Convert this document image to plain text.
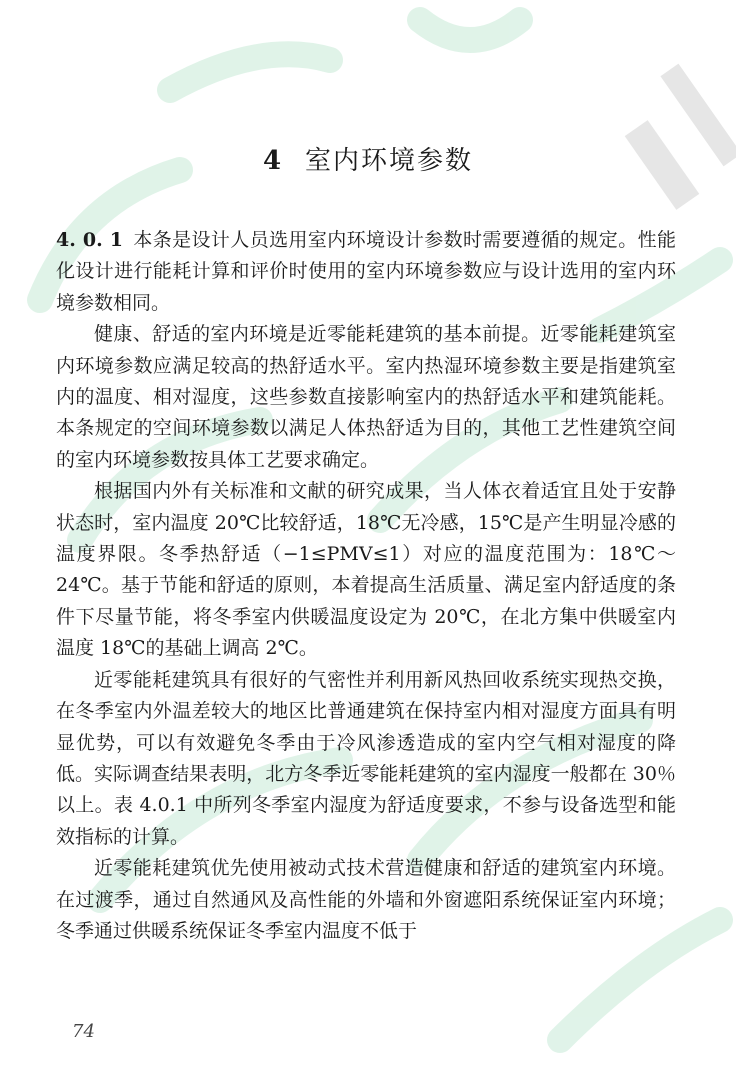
4 室内环境参数

4. 0. 1 本条是设计人员选用室内环境设计参数时需要遵循的规定。性能化设计进行能耗计算和评价时使用的室内环境参数应与设计选用的室内环境参数相同。

健康、舒适的室内环境是近零能耗建筑的基本前提。近零能耗建筑室内环境参数应满足较高的热舒适水平。室内热湿环境参数主要是指建筑室内的温度、相对湿度，这些参数直接影响室内的热舒适水平和建筑能耗。本条规定的空间环境参数以满足人体热舒适为目的，其他工艺性建筑空间的室内环境参数按具体工艺要求确定。

根据国内外有关标准和文献的研究成果，当人体衣着适宜且处于安静状态时，室内温度 20℃比较舒适，18℃无冷感，15℃是产生明显冷感的温度界限。冬季热舒适（−1≤PMV≤1）对应的温度范围为：18℃～24℃。基于节能和舒适的原则，本着提高生活质量、满足室内舒适度的条件下尽量节能，将冬季室内供暖温度设定为 20℃，在北方集中供暖室内温度 18℃的基础上调高 2℃。

近零能耗建筑具有很好的气密性并利用新风热回收系统实现热交换，在冬季室内外温差较大的地区比普通建筑在保持室内相对湿度方面具有明显优势，可以有效避免冬季由于冷风渗透造成的室内空气相对湿度的降低。实际调查结果表明，北方冬季近零能耗建筑的室内湿度一般都在 30％以上。表 4.0.1 中所列冬季室内湿度为舒适度要求，不参与设备选型和能效指标的计算。

近零能耗建筑优先使用被动式技术营造健康和舒适的建筑室内环境。在过渡季，通过自然通风及高性能的外墙和外窗遮阳系统保证室内环境；冬季通过供暖系统保证冬季室内温度不低于

74
